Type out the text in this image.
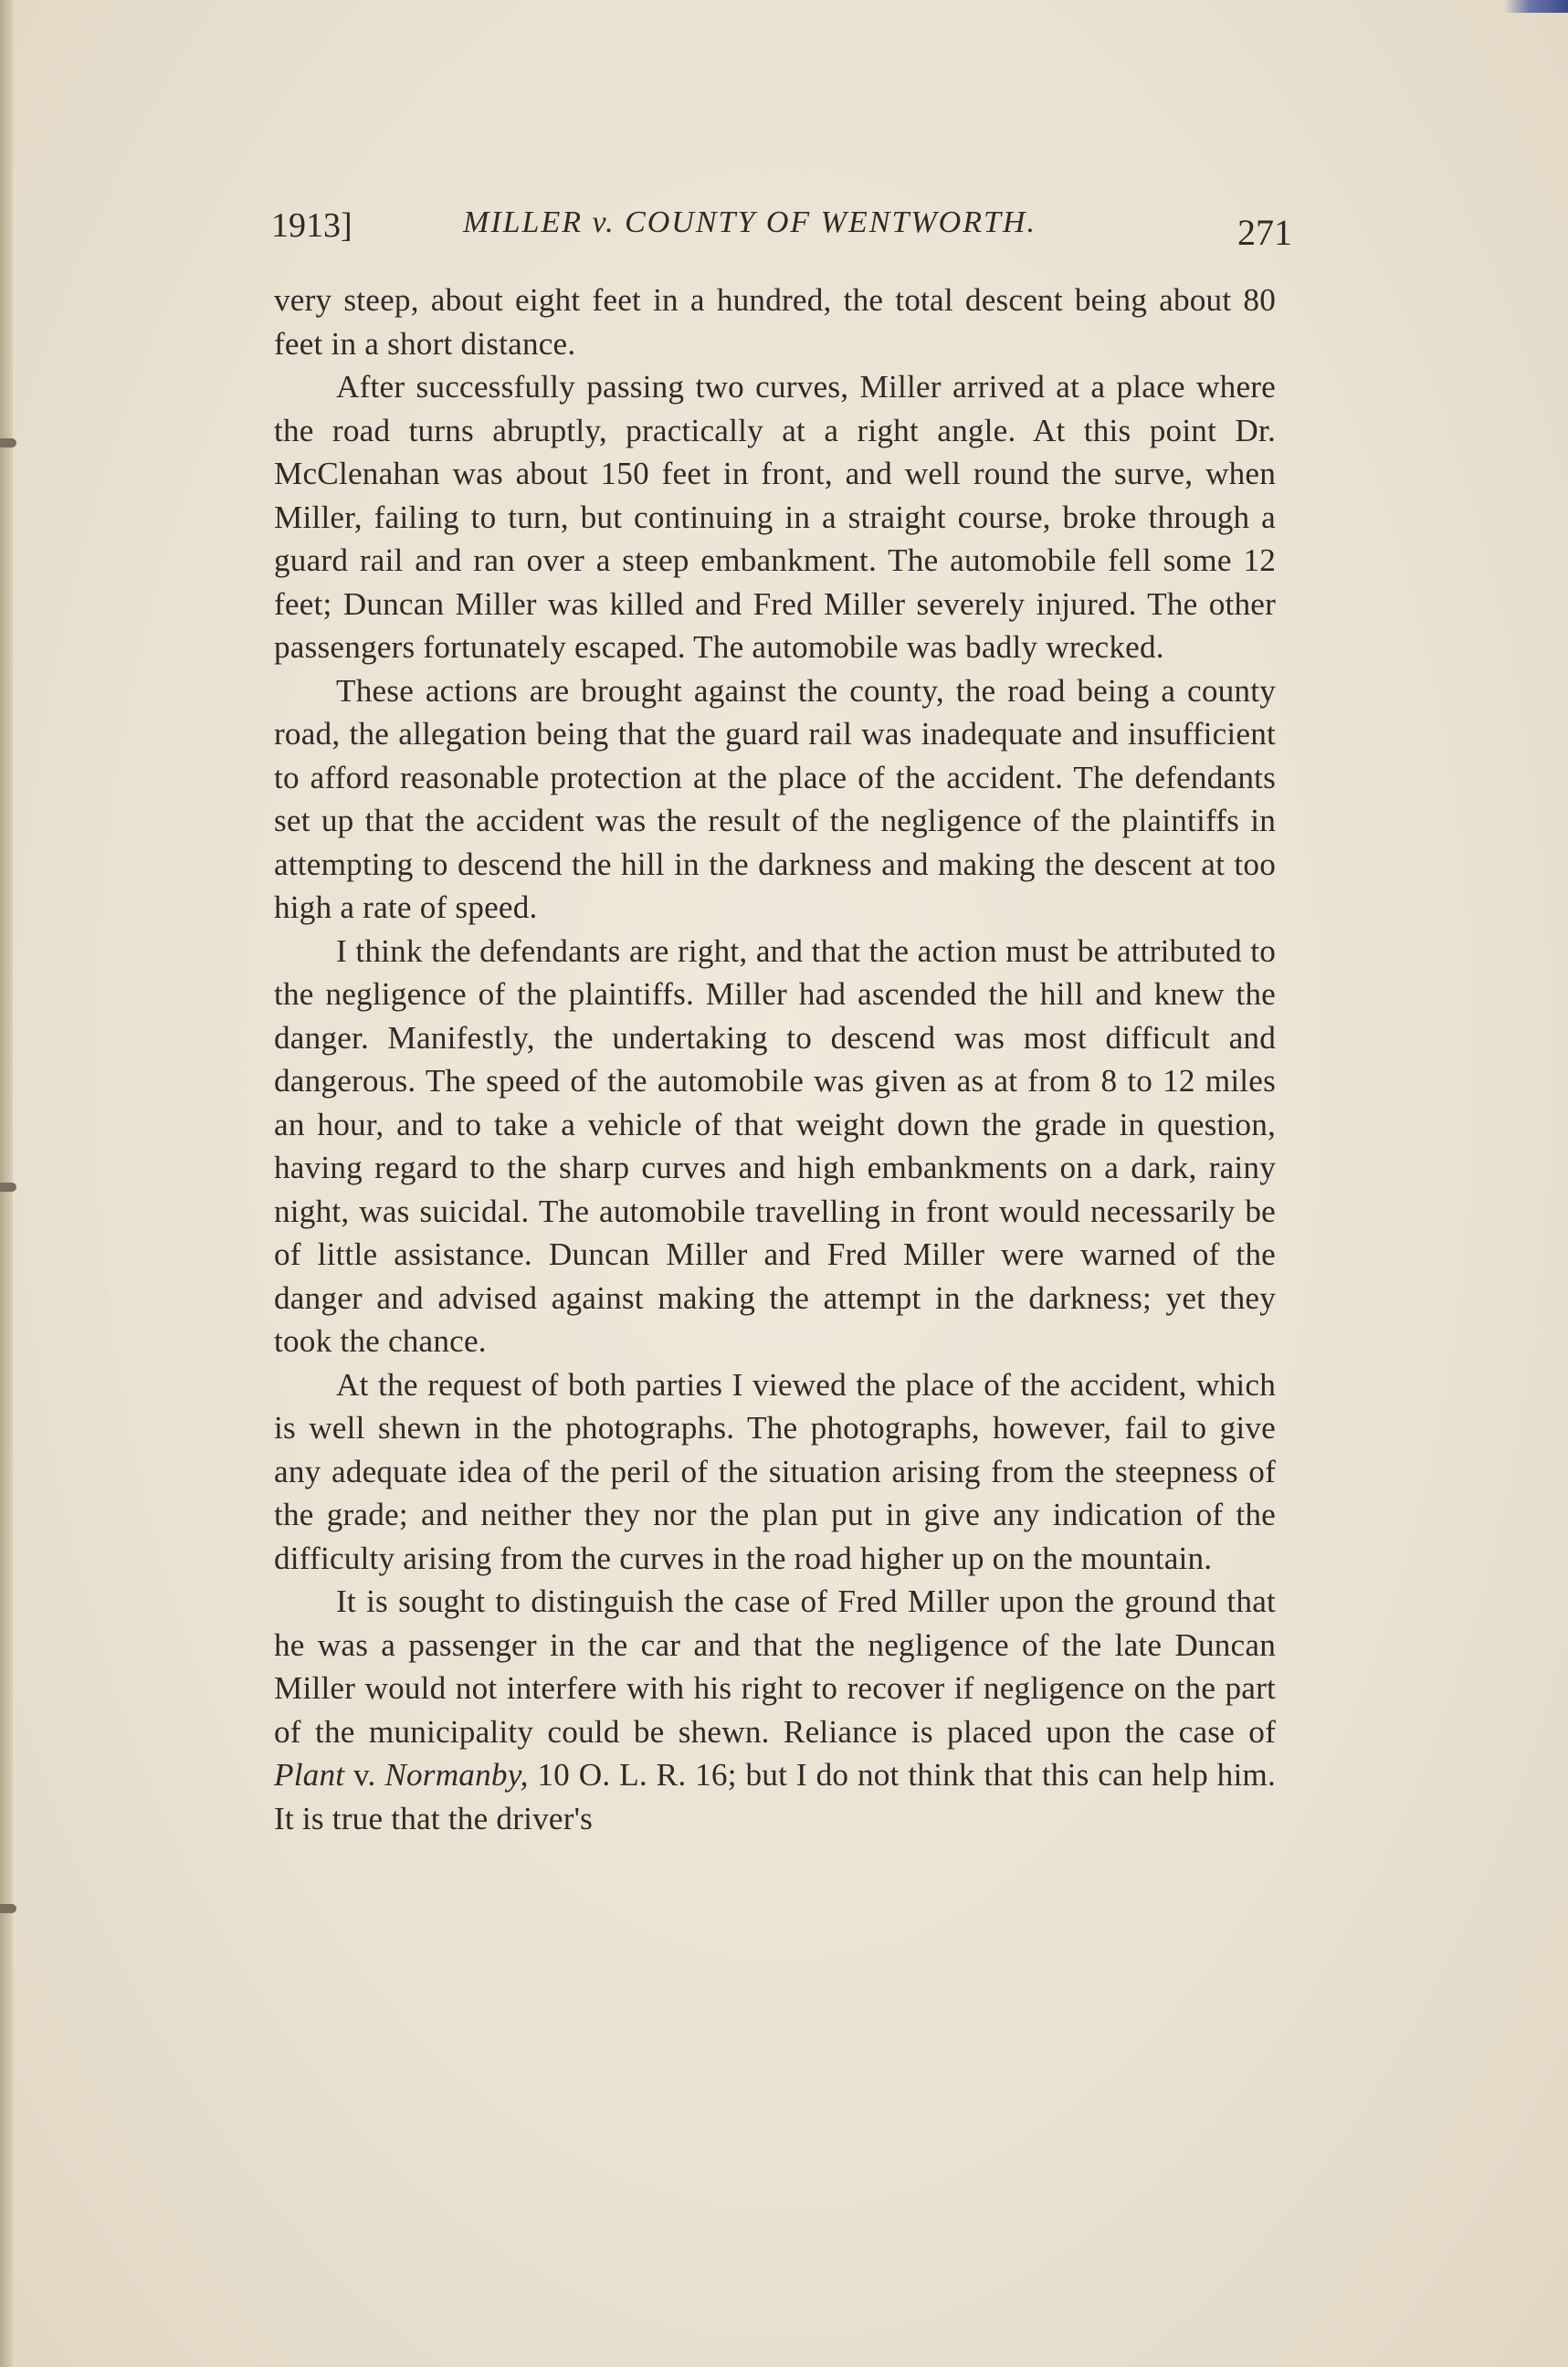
1913]	MILLER v. COUNTY OF WENTWORTH.	271

very steep, about eight feet in a hundred, the total descent being about 80 feet in a short distance.

After successfully passing two curves, Miller arrived at a place where the road turns abruptly, practically at a right angle. At this point Dr. McClenahan was about 150 feet in front, and well round the surve, when Miller, failing to turn, but continuing in a straight course, broke through a guard rail and ran over a steep embankment. The automobile fell some 12 feet; Duncan Miller was killed and Fred Miller severely injured. The other passengers fortunately escaped. The automobile was badly wrecked.

These actions are brought against the county, the road being a county road, the allegation being that the guard rail was inadequate and insufficient to afford reasonable protection at the place of the accident. The defendants set up that the accident was the result of the negligence of the plaintiffs in attempting to descend the hill in the darkness and making the descent at too high a rate of speed.

I think the defendants are right, and that the action must be attributed to the negligence of the plaintiffs. Miller had ascended the hill and knew the danger. Manifestly, the undertaking to descend was most difficult and dangerous. The speed of the automobile was given as at from 8 to 12 miles an hour, and to take a vehicle of that weight down the grade in question, having regard to the sharp curves and high embankments on a dark, rainy night, was suicidal. The automobile travelling in front would necessarily be of little assistance. Duncan Miller and Fred Miller were warned of the danger and advised against making the attempt in the darkness; yet they took the chance.

At the request of both parties I viewed the place of the accident, which is well shewn in the photographs. The photographs, however, fail to give any adequate idea of the peril of the situation arising from the steepness of the grade; and neither they nor the plan put in give any indication of the difficulty arising from the curves in the road higher up on the mountain.

It is sought to distinguish the case of Fred Miller upon the ground that he was a passenger in the car and that the negligence of the late Duncan Miller would not interfere with his right to recover if negligence on the part of the municipality could be shewn. Reliance is placed upon the case of Plant v. Normanby, 10 O. L. R. 16; but I do not think that this can help him. It is true that the driver's
